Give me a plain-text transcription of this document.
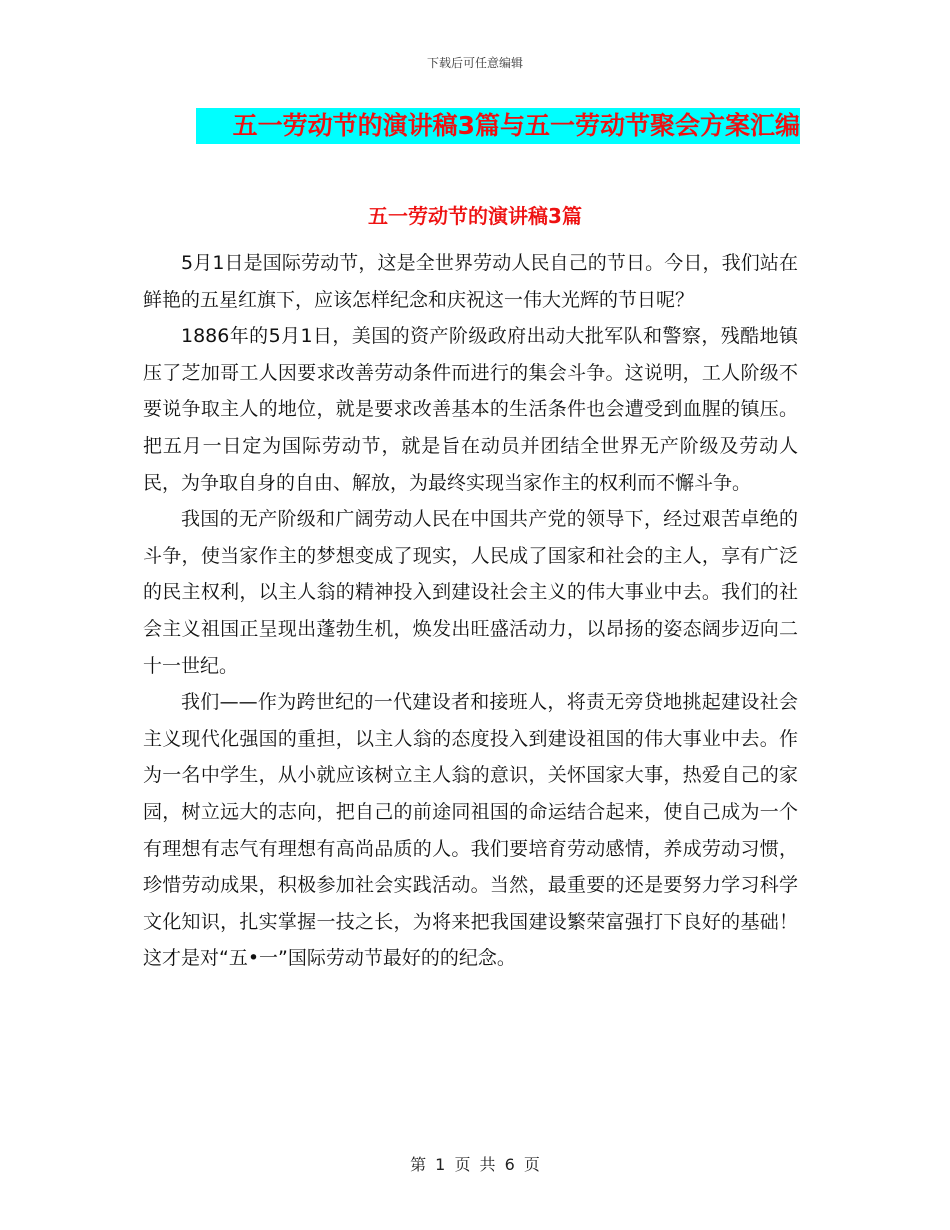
下载后可任意编辑
五一劳动节的演讲稿3篇与五一劳动节聚会方案汇编
五一劳动节的演讲稿3篇

5月1日是国际劳动节，这是全世界劳动人民自己的节日。今日，我们站在鲜艳的五星红旗下，应该怎样纪念和庆祝这一伟大光辉的节日呢？

1886年的5月1日，美国的资产阶级政府出动大批军队和警察，残酷地镇压了芝加哥工人因要求改善劳动条件而进行的集会斗争。这说明，工人阶级不要说争取主人的地位，就是要求改善基本的生活条件也会遭受到血腥的镇压。把五月一日定为国际劳动节，就是旨在动员并团结全世界无产阶级及劳动人民，为争取自身的自由、解放，为最终实现当家作主的权利而不懈斗争。

我国的无产阶级和广阔劳动人民在中国共产党的领导下，经过艰苦卓绝的斗争，使当家作主的梦想变成了现实，人民成了国家和社会的主人，享有广泛的民主权利，以主人翁的精神投入到建设社会主义的伟大事业中去。我们的社会主义祖国正呈现出蓬勃生机，焕发出旺盛活动力，以昂扬的姿态阔步迈向二十一世纪。

我们——作为跨世纪的一代建设者和接班人，将责无旁贷地挑起建设社会主义现代化强国的重担，以主人翁的态度投入到建设祖国的伟大事业中去。作为一名中学生，从小就应该树立主人翁的意识，关怀国家大事，热爱自己的家园，树立远大的志向，把自己的前途同祖国的命运结合起来，使自己成为一个有理想有志气有理想有高尚品质的人。我们要培育劳动感情，养成劳动习惯，珍惜劳动成果，积极参加社会实践活动。当然，最重要的还是要努力学习科学文化知识，扎实掌握一技之长，为将来把我国建设繁荣富强打下良好的基础！这才是对“五•一”国际劳动节最好的的纪念。

第 1 页 共 6 页
